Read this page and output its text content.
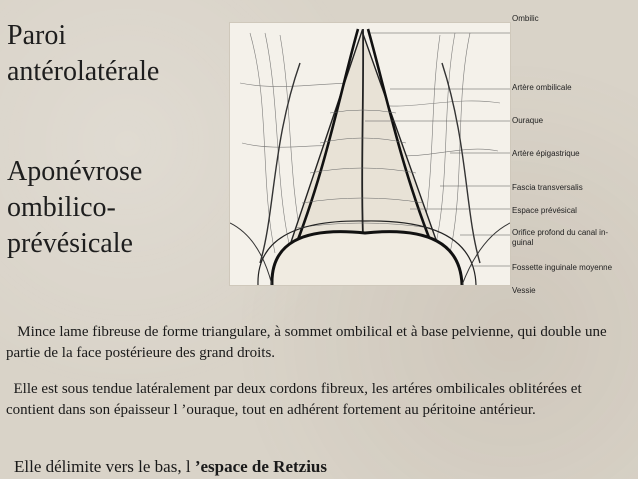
Paroi
antérolatérale
Aponévrose
ombilico-
prévésicale
Ombilic
Artère ombilicale
Ouraque
Artère épigastrique
Fascia transversalis
Espace prévésical
Orifice profond du canal in-
guinal
Fossette inguinale moyenne
Vessie
Mince lame fibreuse de forme triangulare, à sommet ombilical et à base pelvienne, qui double une partie de la face postérieure des grand droits.
Elle est sous tendue latéralement par deux cordons fibreux, les artéres ombilicales oblitérées et contient dans son épaisseur l ’ouraque, tout en adhérent fortement au péritoine antérieur.
Elle délimite vers le bas, l ’espace de Retzius
